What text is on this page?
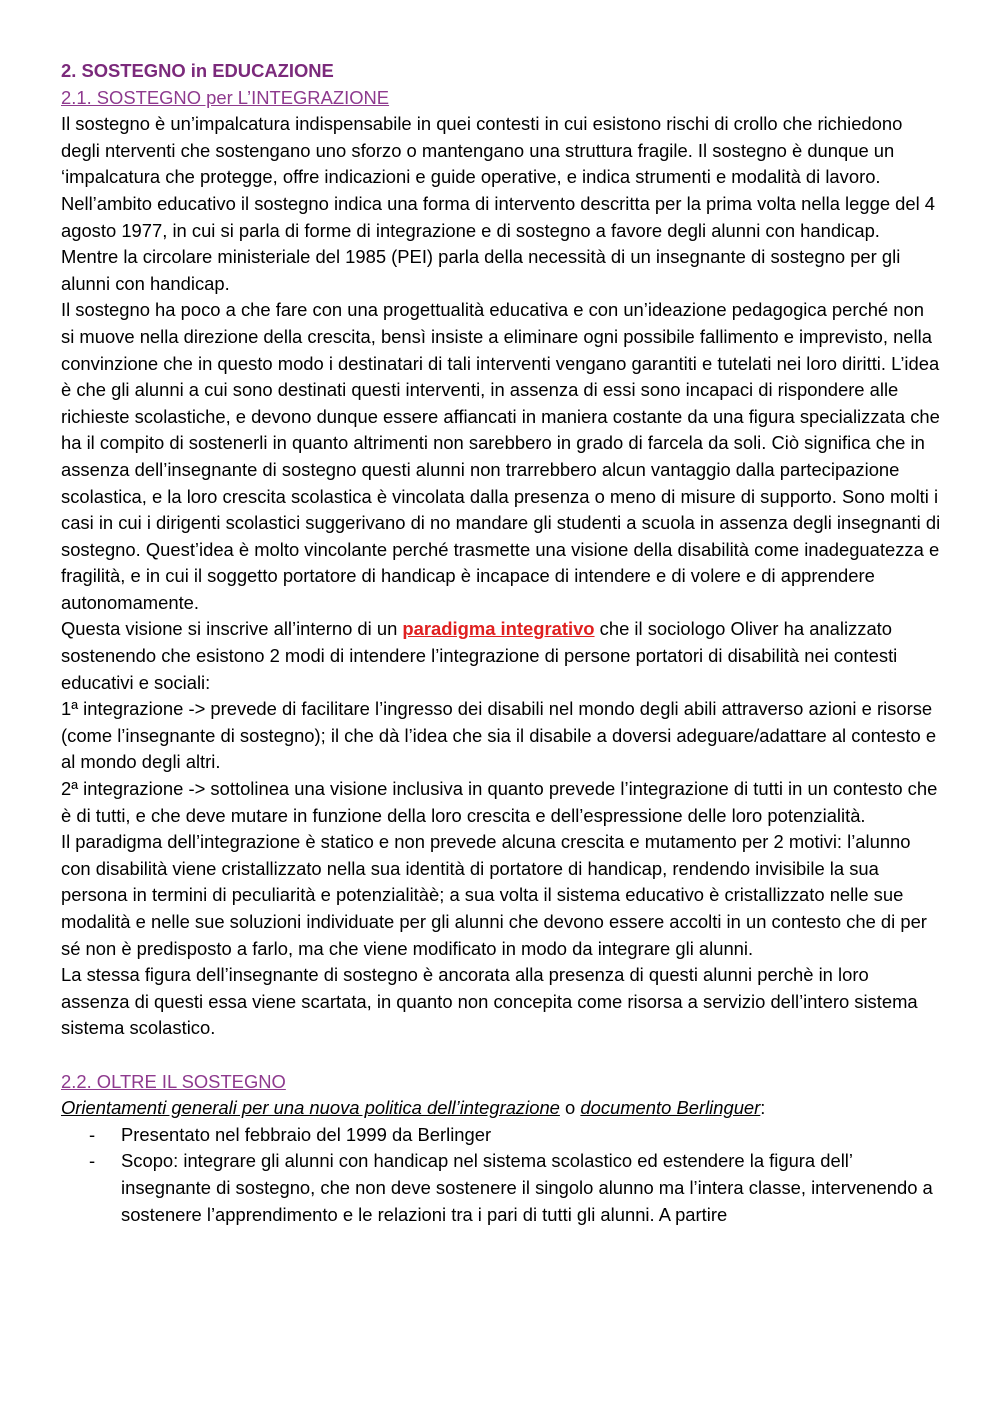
2. SOSTEGNO in EDUCAZIONE
2.1. SOSTEGNO per L’INTEGRAZIONE

Il sostegno è un’impalcatura indispensabile in quei contesti in cui esistono rischi di crollo che richiedono degli nterventi che sostengano uno sforzo o mantengano una struttura fragile. Il sostegno è dunque un ‘impalcatura che protegge, offre indicazioni e guide operative, e indica strumenti e modalità di lavoro.

Nell’ambito educativo il sostegno indica una forma di intervento descritta per la prima volta nella legge del 4 agosto 1977, in cui si parla di forme di integrazione e di sostegno a favore degli alunni con handicap. Mentre la circolare ministeriale del 1985 (PEI) parla della necessità di un insegnante di sostegno per gli alunni con handicap.

Il sostegno ha poco a che fare con una progettualità educativa e con un’ideazione pedagogica perché non si muove nella direzione della crescita, bensì insiste a eliminare ogni possibile fallimento e imprevisto, nella convinzione che in questo modo i destinatari di tali interventi vengano garantiti e tutelati nei loro diritti. L’idea è che gli alunni a cui sono destinati questi interventi, in assenza di essi sono incapaci di rispondere alle richieste scolastiche, e devono dunque essere affiancati in maniera costante da una figura specializzata che ha il compito di sostenerli in quanto altrimenti non sarebbero in grado di farcela da soli. Ciò significa che in assenza dell’insegnante di sostegno questi alunni non trarrebbero alcun vantaggio dalla partecipazione scolastica, e la loro crescita scolastica è vincolata dalla presenza o meno di misure di supporto. Sono molti i casi in cui i dirigenti scolastici suggerivano di no mandare gli studenti a scuola in assenza degli insegnanti di sostegno. Quest’idea è molto vincolante perché trasmette una visione della disabilità come inadeguatezza e fragilità, e in cui il soggetto portatore di handicap è incapace di intendere e di volere e di apprendere autonomamente.

Questa visione si inscrive all’interno di un paradigma integrativo che il sociologo Oliver ha analizzato sostenendo che esistono 2 modi di intendere l’integrazione di persone portatori di disabilità nei contesti educativi e sociali:

1ª integrazione -> prevede di facilitare l’ingresso dei disabili nel mondo degli abili attraverso azioni e risorse (come l’insegnante di sostegno); il che dà l’idea che sia il disabile a doversi adeguare/adattare al contesto e al mondo degli altri.

2ª integrazione -> sottolinea una visione inclusiva in quanto prevede l’integrazione di tutti in un contesto che è di tutti, e che deve mutare in funzione della loro crescita e dell’espressione delle loro potenzialità.

Il paradigma dell’integrazione è statico e non prevede alcuna crescita e mutamento per 2 motivi: l’alunno con disabilità viene cristallizzato nella sua identità di portatore di handicap, rendendo invisibile la sua persona in termini di peculiarità e potenzialitàè; a sua volta il sistema educativo è cristallizzato nelle sue modalità e nelle sue soluzioni individuate per gli alunni che devono essere accolti in un contesto che di per sé non è predisposto a farlo, ma che viene modificato in modo da integrare gli alunni.

La stessa figura dell’insegnante di sostegno è ancorata alla presenza di questi alunni perchè in loro assenza di questi essa viene scartata, in quanto non concepita come risorsa a servizio dell’intero sistema sistema scolastico.

2.2. OLTRE IL SOSTEGNO

Orientamenti generali per una nuova politica dell’integrazione o documento Berlinguer:

- Presentato nel febbraio del 1999 da Berlinger
- Scopo: integrare gli alunni con handicap nel sistema scolastico ed estendere la figura dell’ insegnante di sostegno, che non deve sostenere il singolo alunno ma l’intera classe, intervenendo a sostenere l’apprendimento e le relazioni tra i pari di tutti gli alunni. A partire
